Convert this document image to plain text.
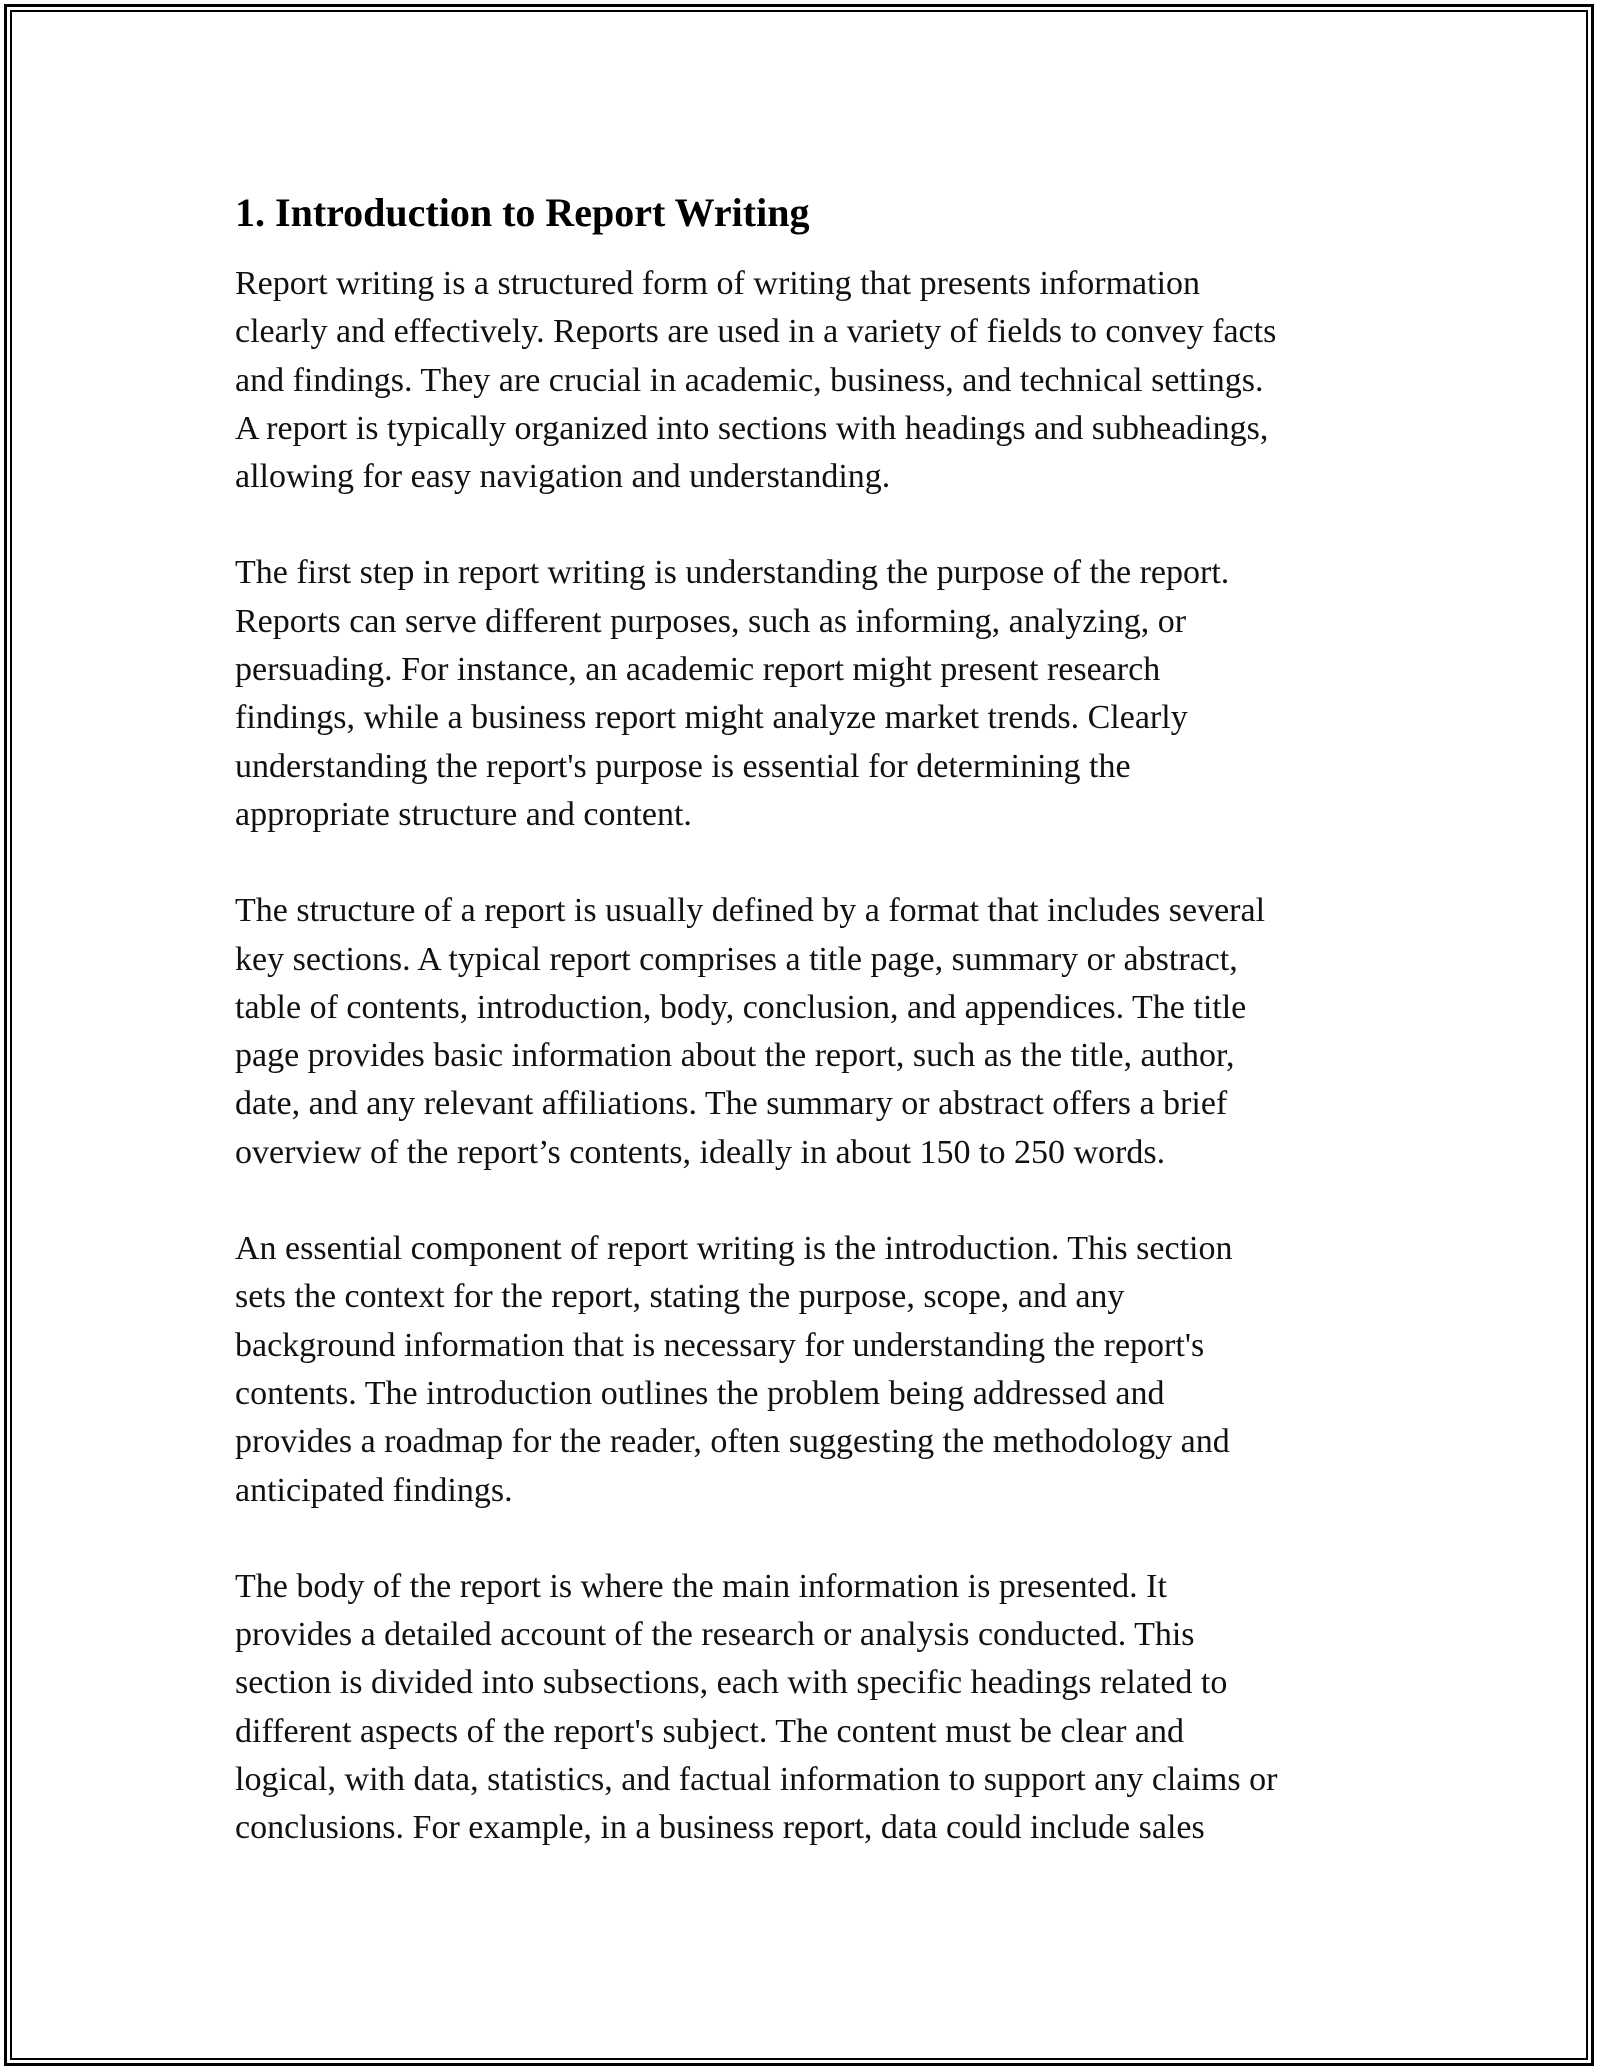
1. Introduction to Report Writing
Report writing is a structured form of writing that presents information
clearly and effectively. Reports are used in a variety of fields to convey facts
and findings. They are crucial in academic, business, and technical settings.
A report is typically organized into sections with headings and subheadings,
allowing for easy navigation and understanding.
The first step in report writing is understanding the purpose of the report.
Reports can serve different purposes, such as informing, analyzing, or
persuading. For instance, an academic report might present research
findings, while a business report might analyze market trends. Clearly
understanding the report's purpose is essential for determining the
appropriate structure and content.
The structure of a report is usually defined by a format that includes several
key sections. A typical report comprises a title page, summary or abstract,
table of contents, introduction, body, conclusion, and appendices. The title
page provides basic information about the report, such as the title, author,
date, and any relevant affiliations. The summary or abstract offers a brief
overview of the report’s contents, ideally in about 150 to 250 words.
An essential component of report writing is the introduction. This section
sets the context for the report, stating the purpose, scope, and any
background information that is necessary for understanding the report's
contents. The introduction outlines the problem being addressed and
provides a roadmap for the reader, often suggesting the methodology and
anticipated findings.
The body of the report is where the main information is presented. It
provides a detailed account of the research or analysis conducted. This
section is divided into subsections, each with specific headings related to
different aspects of the report's subject. The content must be clear and
logical, with data, statistics, and factual information to support any claims or
conclusions. For example, in a business report, data could include sales
